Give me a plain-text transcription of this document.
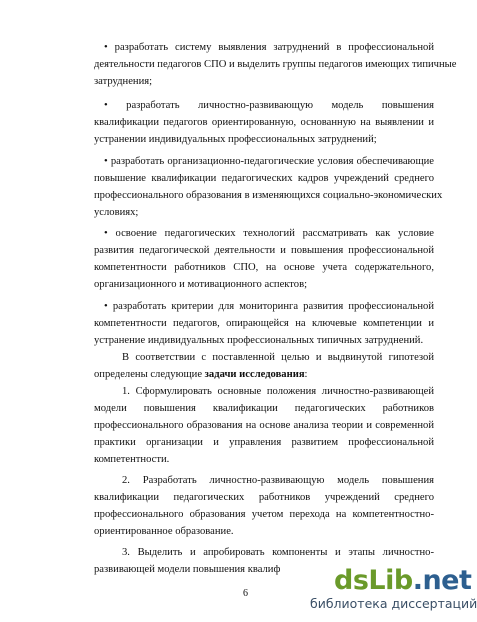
• разработать систему выявления затруднений в профессиональной
деятельности педагогов СПО и выделить группы педагогов имеющих типичные
затруднения;
• разработать личностно-развивающую модель повышения
квалификации педагогов ориентированную, основанную на выявлении и
устранении индивидуальных профессиональных затруднений;
• разработать организационно-педагогические условия обеспечивающие
повышение квалификации педагогических кадров учреждений среднего
профессионального образования в изменяющихся социально-экономических
условиях;
• освоение педагогических технологий рассматривать как условие
развития педагогической деятельности и повышения профессиональной
компетентности работников СПО, на основе учета содержательного,
организационного и мотивационного аспектов;
• разработать критерии для мониторинга развития профессиональной
компетентности педагогов, опирающейся на ключевые компетенции и
устранение индивидуальных профессиональных типичных затруднений.
В соответствии с поставленной целью и выдвинутой гипотезой
определены следующие задачи исследования:
1. Сформулировать основные положения личностно-развивающей
модели повышения квалификации педагогических работников
профессионального образования на основе анализа теории и современной
практики организации и управления развитием профессиональной
компетентности.
2. Разработать личностно-развивающую модель повышения
квалификации педагогических работников учреждений среднего
профессионального образования учетом перехода на компетентностно-
ориентированное образование.
3. Выделить и апробировать компоненты и этапы личностно-
развивающей модели повышения квалиф
6	dsLib.net
библиотека диссертаций
